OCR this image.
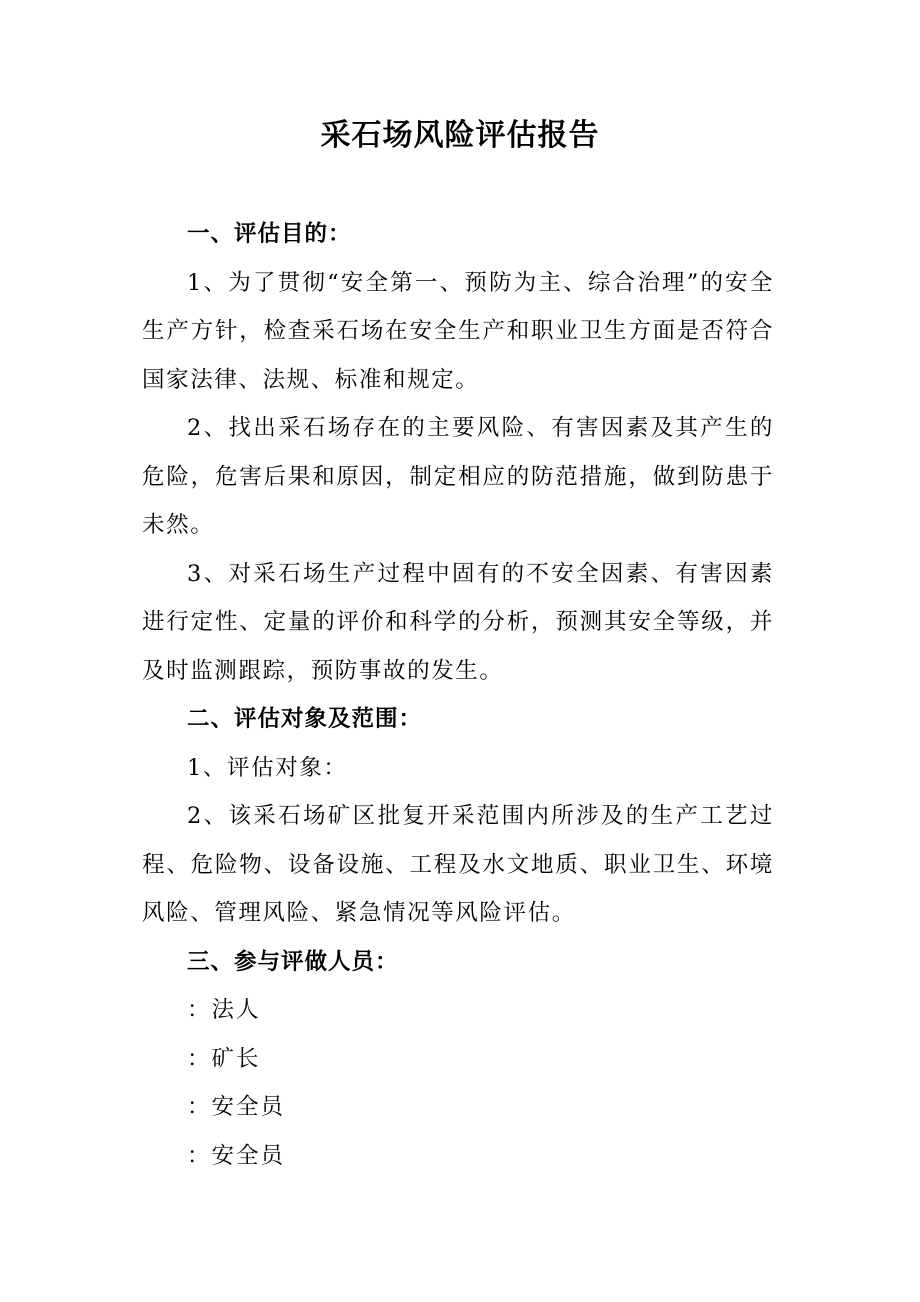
采石场风险评估报告

一、评估目的：

1、为了贯彻“安全第一、预防为主、综合治理”的安全生产方针，检查采石场在安全生产和职业卫生方面是否符合国家法律、法规、标准和规定。

2、找出采石场存在的主要风险、有害因素及其产生的危险，危害后果和原因，制定相应的防范措施，做到防患于未然。

3、对采石场生产过程中固有的不安全因素、有害因素进行定性、定量的评价和科学的分析，预测其安全等级，并及时监测跟踪，预防事故的发生。

二、评估对象及范围：

1、评估对象：

2、该采石场矿区批复开采范围内所涉及的生产工艺过程、危险物、设备设施、工程及水文地质、职业卫生、环境风险、管理风险、紧急情况等风险评估。

三、参与评做人员：

：法人

：矿长

：安全员

：安全员
